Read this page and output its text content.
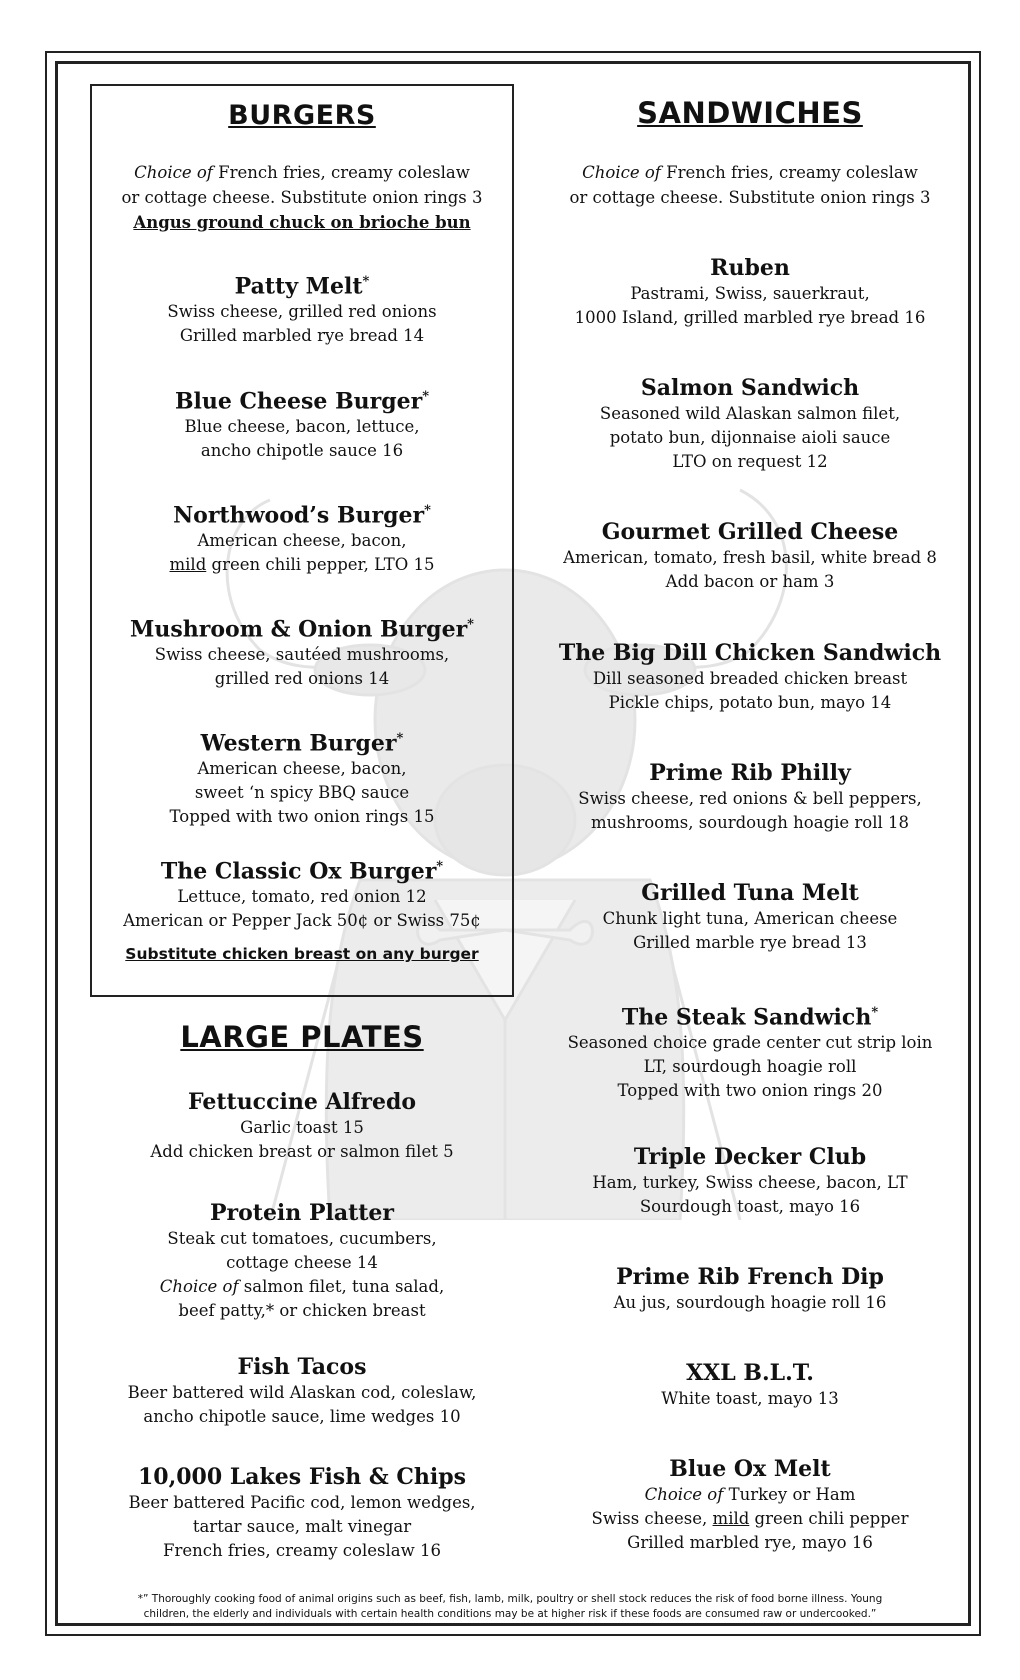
BURGERS
Choice of French fries, creamy coleslaw
or cottage cheese. Substitute onion rings 3
Angus ground chuck on brioche bun
Patty Melt*
Swiss cheese, grilled red onions
Grilled marbled rye bread 14
Blue Cheese Burger*
Blue cheese, bacon, lettuce,
ancho chipotle sauce 16
Northwood’s Burger*
American cheese, bacon,
mild green chili pepper, LTO 15
Mushroom & Onion Burger*
Swiss cheese, sautéed mushrooms,
grilled red onions 14
Western Burger*
American cheese, bacon,
sweet ‘n spicy BBQ sauce
Topped with two onion rings 15
The Classic Ox Burger*
Lettuce, tomato, red onion 12
American or Pepper Jack 50¢ or Swiss 75¢
Substitute chicken breast on any burger
LARGE PLATES
Fettuccine Alfredo
Garlic toast 15
Add chicken breast or salmon filet 5
Protein Platter
Steak cut tomatoes, cucumbers,
cottage cheese 14
Choice of salmon filet, tuna salad,
beef patty,* or chicken breast
Fish Tacos
Beer battered wild Alaskan cod, coleslaw,
ancho chipotle sauce, lime wedges 10
10,000 Lakes Fish & Chips
Beer battered Pacific cod, lemon wedges,
tartar sauce, malt vinegar
French fries, creamy coleslaw 16
SANDWICHES
Choice of French fries, creamy coleslaw
or cottage cheese. Substitute onion rings 3
Ruben
Pastrami, Swiss, sauerkraut,
1000 Island, grilled marbled rye bread 16
Salmon Sandwich
Seasoned wild Alaskan salmon filet,
potato bun, dijonnaise aioli sauce
LTO on request 12
Gourmet Grilled Cheese
American, tomato, fresh basil, white bread 8
Add bacon or ham 3
The Big Dill Chicken Sandwich
Dill seasoned breaded chicken breast
Pickle chips, potato bun, mayo 14
Prime Rib Philly
Swiss cheese, red onions & bell peppers,
mushrooms, sourdough hoagie roll 18
Grilled Tuna Melt
Chunk light tuna, American cheese
Grilled marble rye bread 13
The Steak Sandwich*
Seasoned choice grade center cut strip loin
LT, sourdough hoagie roll
Topped with two onion rings 20
Triple Decker Club
Ham, turkey, Swiss cheese, bacon, LT
Sourdough toast, mayo 16
Prime Rib French Dip
Au jus, sourdough hoagie roll 16
XXL B.L.T.
White toast, mayo 13
Blue Ox Melt
Choice of Turkey or Ham
Swiss cheese, mild green chili pepper
Grilled marbled rye, mayo 16
*” Thoroughly cooking food of animal origins such as beef, fish, lamb, milk, poultry or shell stock reduces the risk of food borne illness. Young
children, the elderly and individuals with certain health conditions may be at higher risk if these foods are consumed raw or undercooked.”
